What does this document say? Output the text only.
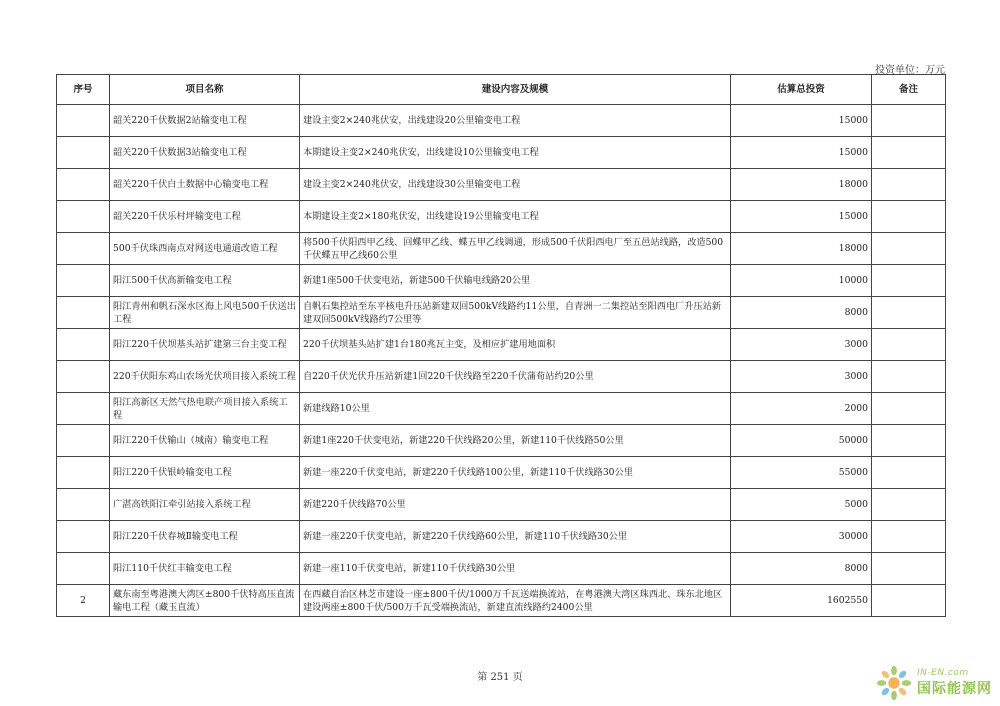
投资单位：万元
序号	项目名称	建设内容及规模	估算总投资	备注
	韶关220千伏数据2站输变电工程	建设主变2×240兆伏安，出线建设20公里输变电工程	15000	
	韶关220千伏数据3站输变电工程	本期建设主变2×240兆伏安，出线建设10公里输变电工程	15000	
	韶关220千伏白土数据中心输变电工程	建设主变2×240兆伏安，出线建设30公里输变电工程	18000	
	韶关220千伏乐村坪输变电工程	本期建设主变2×180兆伏安，出线建设19公里输变电工程	15000	
	500千伏珠西南点对网送电通道改造工程	将500千伏阳西甲乙线、回蝶甲乙线、蝶五甲乙线调通，形成500千伏阳西电厂至五邑站线路，改造500千伏蝶五甲乙线60公里	18000	
	阳江500千伏高新输变电工程	新建1座500千伏变电站，新建500千伏输电线路20公里	10000	
	阳江青州和帆石深水区海上风电500千伏送出工程	自帆石集控站至东平核电升压站新建双回500kV线路约11公里，自青洲一二集控站至阳西电厂升压站新建双回500kV线路约7公里等	8000	
	阳江220千伏坝基头站扩建第三台主变工程	220千伏坝基头站扩建1台180兆瓦主变，及相应扩建用地面积	3000	
	220千伏阳东鸡山农场光伏项目接入系统工程	自220千伏光伏升压站新建1回220千伏线路至220千伏蒲荀站约20公里	3000	
	阳江高新区天然气热电联产项目接入系统工程	新建线路10公里	2000	
	阳江220千伏输山（城南）输变电工程	新建1座220千伏变电站，新建220千伏线路20公里，新建110千伏线路50公里	50000	
	阳江220千伏银岭输变电工程	新建一座220千伏变电站，新建220千伏线路100公里，新建110千伏线路30公里	55000	
	广湛高铁阳江牵引站接入系统工程	新建220千伏线路70公里	5000	
	阳江220千伏春城Ⅱ输变电工程	新建一座220千伏变电站，新建220千伏线路60公里，新建110千伏线路30公里	30000	
	阳江110千伏红丰输变电工程	新建一座110千伏变电站，新建110千伏线路30公里	8000	
2	藏东南至粤港澳大湾区±800千伏特高压直流输电工程（藏玉直流）	在西藏自治区林芝市建设一座±800千伏/1000万千瓦送端换流站，在粤港澳大湾区珠西北、珠东北地区建设两座±800千伏/500万千瓦受端换流站，新建直流线路约2400公里	1602550	
第 251 页	IN-EN.com
国际能源网
